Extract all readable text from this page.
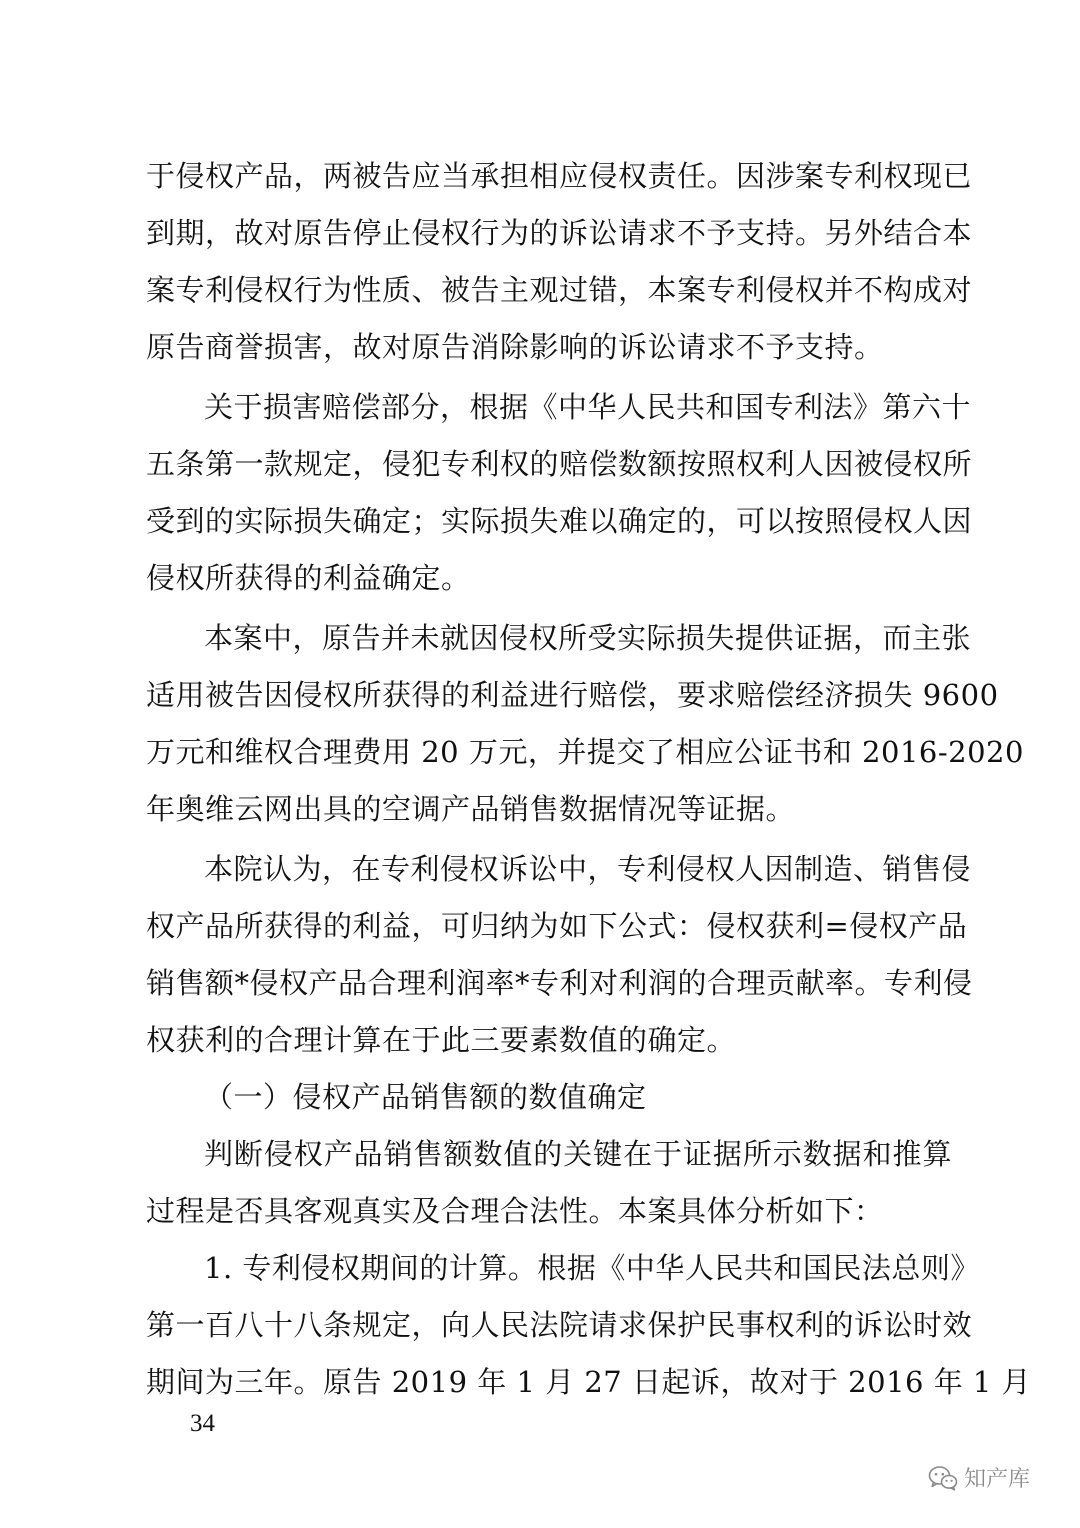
于侵权产品，两被告应当承担相应侵权责任。因涉案专利权现已
到期，故对原告停止侵权行为的诉讼请求不予支持。另外结合本
案专利侵权行为性质、被告主观过错，本案专利侵权并不构成对
原告商誉损害，故对原告消除影响的诉讼请求不予支持。
关于损害赔偿部分，根据《中华人民共和国专利法》第六十
五条第一款规定，侵犯专利权的赔偿数额按照权利人因被侵权所
受到的实际损失确定；实际损失难以确定的，可以按照侵权人因
侵权所获得的利益确定。
本案中，原告并未就因侵权所受实际损失提供证据，而主张
适用被告因侵权所获得的利益进行赔偿，要求赔偿经济损失 9600
万元和维权合理费用 20 万元，并提交了相应公证书和 2016-2020
年奥维云网出具的空调产品销售数据情况等证据。
本院认为，在专利侵权诉讼中，专利侵权人因制造、销售侵
权产品所获得的利益，可归纳为如下公式：侵权获利=侵权产品
销售额*侵权产品合理利润率*专利对利润的合理贡献率。专利侵
权获利的合理计算在于此三要素数值的确定。
（一）侵权产品销售额的数值确定
判断侵权产品销售额数值的关键在于证据所示数据和推算
过程是否具客观真实及合理合法性。本案具体分析如下：
1. 专利侵权期间的计算。根据《中华人民共和国民法总则》
第一百八十八条规定，向人民法院请求保护民事权利的诉讼时效
期间为三年。原告 2019 年 1 月 27 日起诉，故对于 2016 年 1 月
34
知产库
